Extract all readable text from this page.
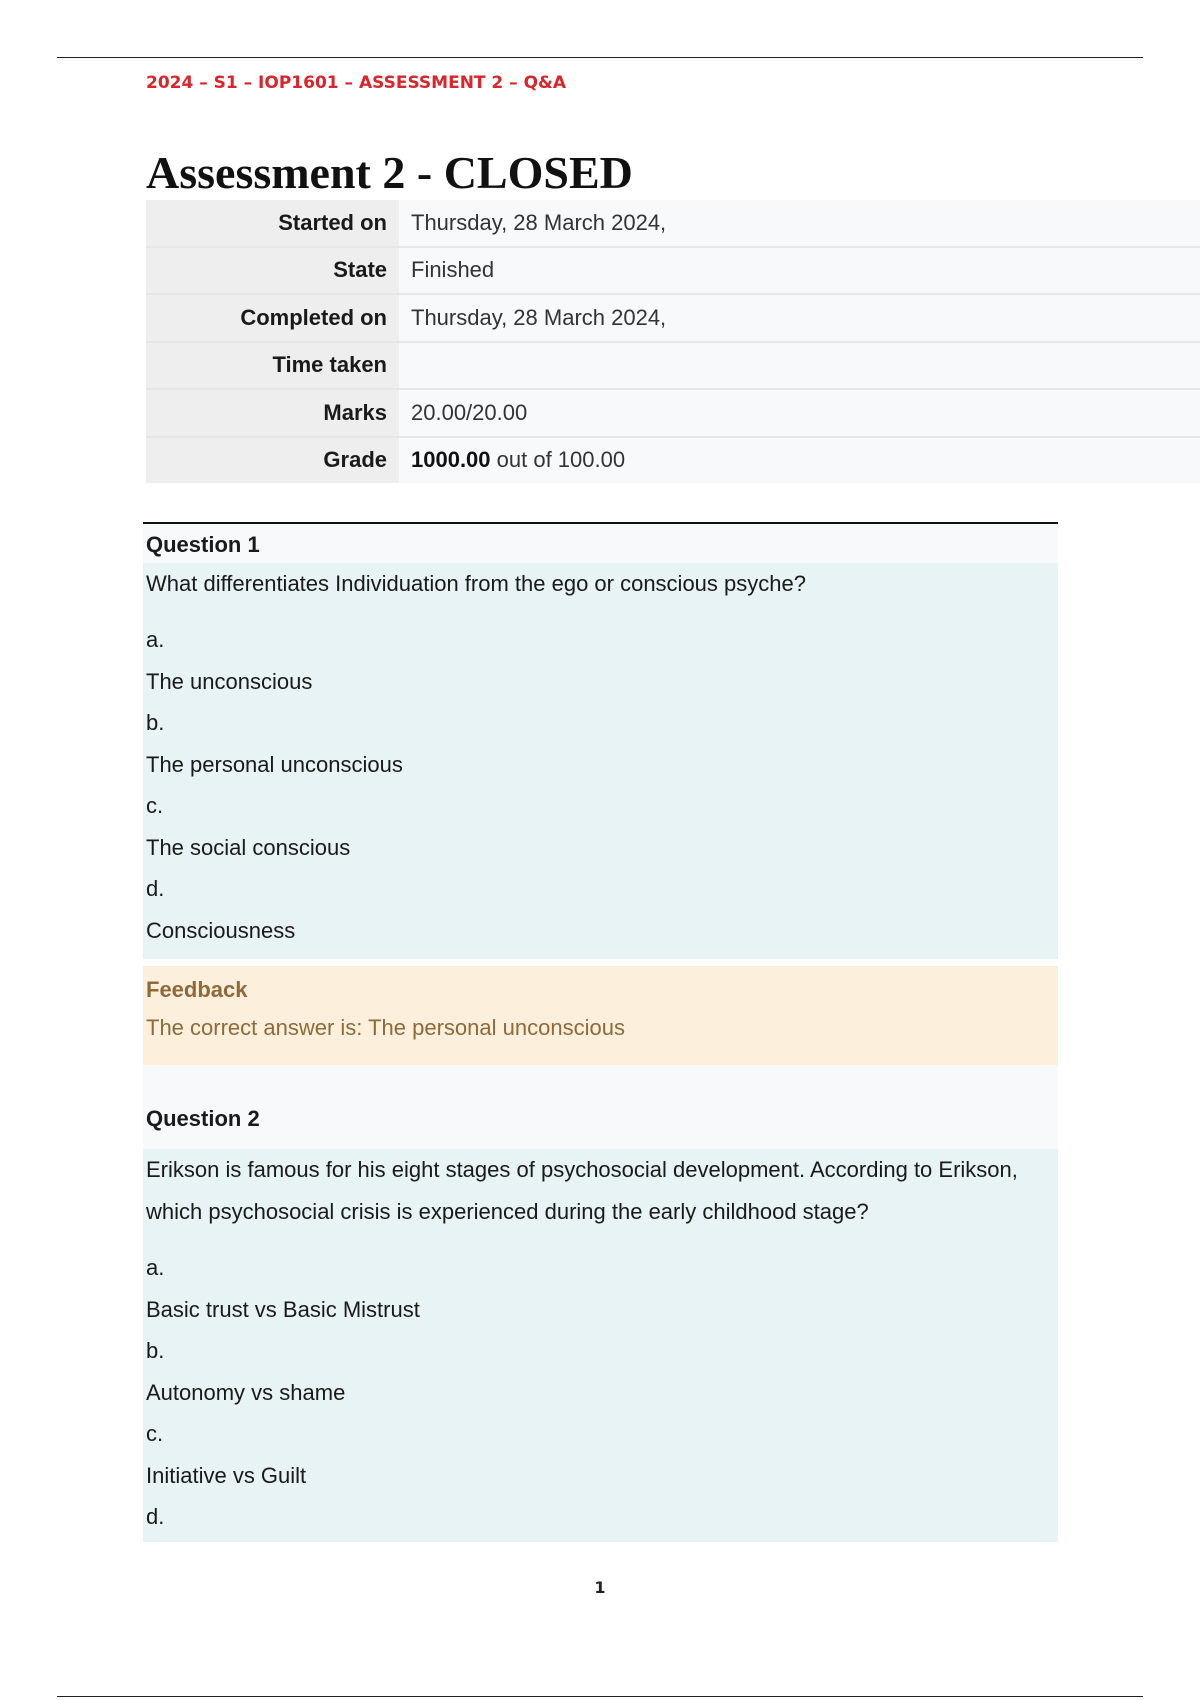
2024 – S1 – IOP1601 – ASSESSMENT 2 – Q&A
Assessment 2 - CLOSED
Started on	Thursday, 28 March 2024,
State	Finished
Completed on	Thursday, 28 March 2024,
Time taken	
Marks	20.00/20.00
Grade	1000.00 out of 100.00
Question 1

What differentiates Individuation from the ego or conscious psyche?

a.
The unconscious
b.
The personal unconscious
c.
The social conscious
d.
Consciousness
Feedback
The correct answer is: The personal unconscious
Question 2

Erikson is famous for his eight stages of psychosocial development. According to Erikson, which psychosocial crisis is experienced during the early childhood stage?

a.
Basic trust vs Basic Mistrust
b.
Autonomy vs shame
c.
Initiative vs Guilt
d.
1
